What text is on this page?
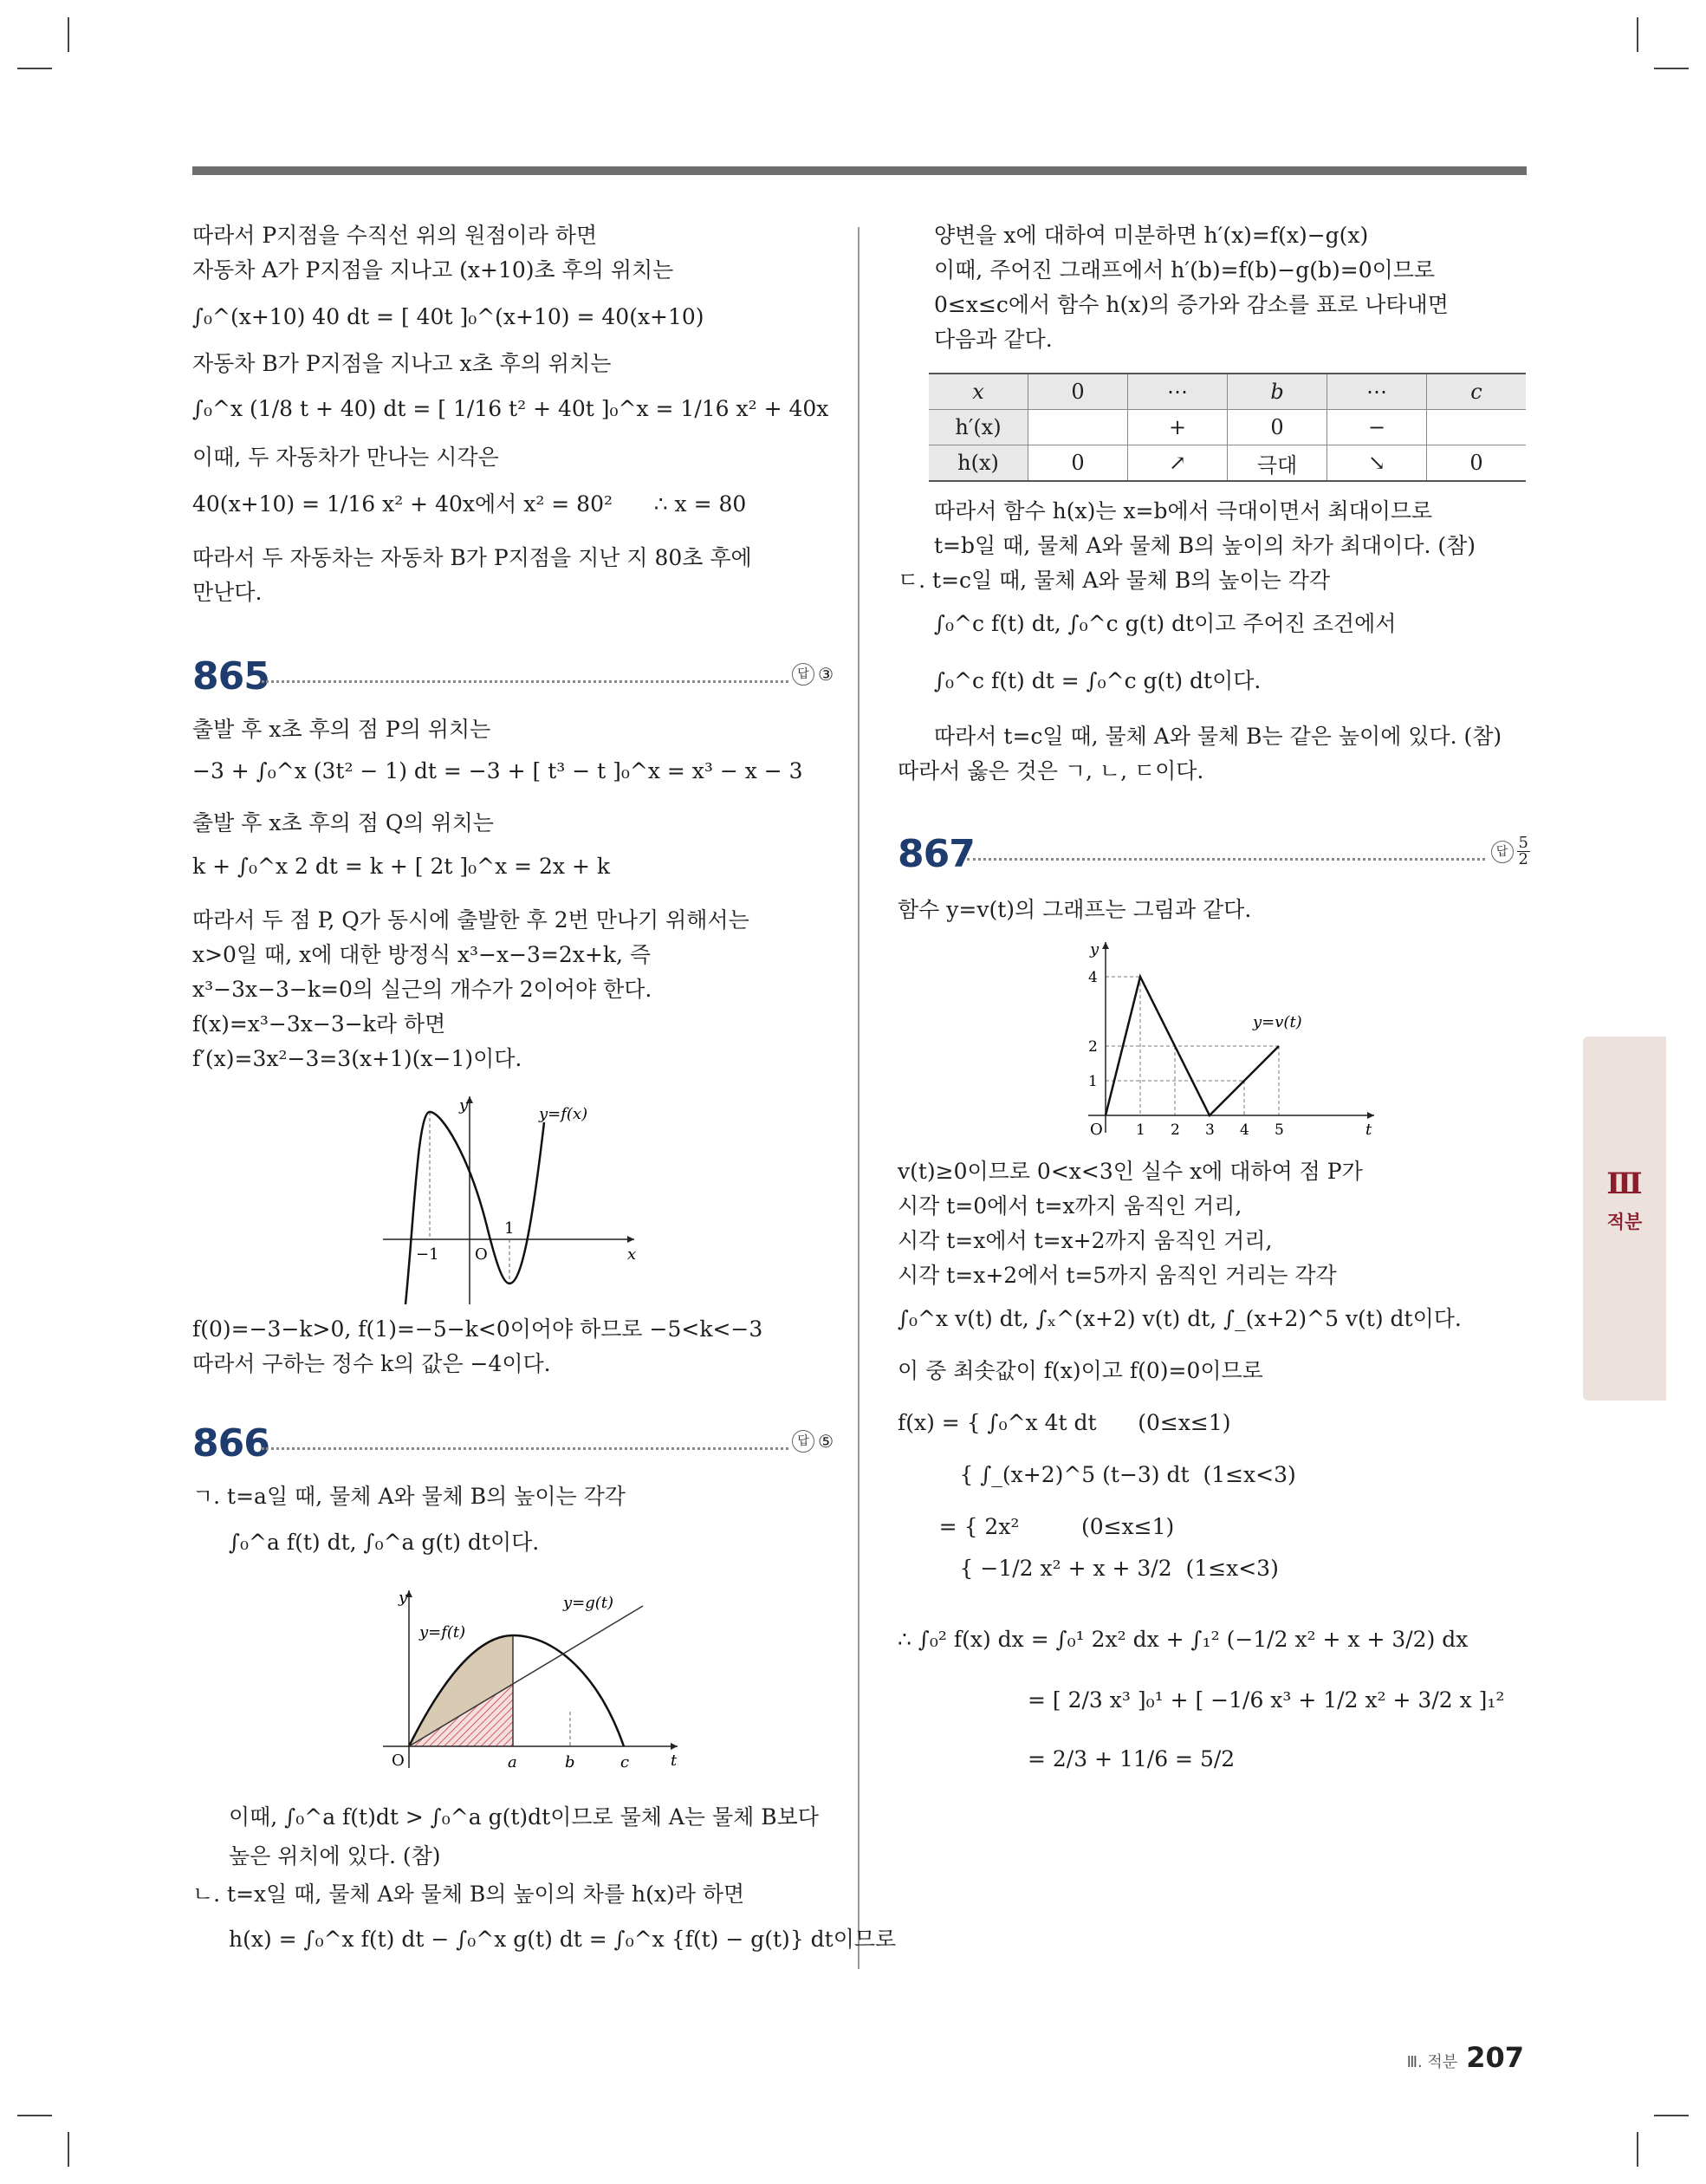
따라서 P지점을 수직선 위의 원점이라 하면
자동차 A가 P지점을 지나고 (x+10)초 후의 위치는
∫₀^(x+10) 40 dt = [ 40t ]₀^(x+10) = 40(x+10)
자동차 B가 P지점을 지나고 x초 후의 위치는
∫₀^x (1/8 t + 40) dt = [ 1/16 t² + 40t ]₀^x = 1/16 x² + 40x
이때, 두 자동차가 만나는 시각은
40(x+10) = 1/16 x² + 40x에서 x² = 80²      ∴ x = 80
따라서 두 자동차는 자동차 B가 P지점을 지난 지 80초 후에
만난다.
865	답 ③
출발 후 x초 후의 점 P의 위치는
−3 + ∫₀^x (3t² − 1) dt = −3 + [ t³ − t ]₀^x = x³ − x − 3
출발 후 x초 후의 점 Q의 위치는
k + ∫₀^x 2 dt = k + [ 2t ]₀^x = 2x + k
따라서 두 점 P, Q가 동시에 출발한 후 2번 만나기 위해서는
x>0일 때, x에 대한 방정식 x³−x−3=2x+k, 즉
x³−3x−3−k=0의 실근의 개수가 2이어야 한다.
f(x)=x³−3x−3−k라 하면
f′(x)=3x²−3=3(x+1)(x−1)이다.
y
x
O
−1
1
y=f(x)
f(0)=−3−k>0, f(1)=−5−k<0이어야 하므로 −5<k<−3
따라서 구하는 정수 k의 값은 −4이다.
866	답 ⑤
ㄱ. t=a일 때, 물체 A와 물체 B의 높이는 각각
∫₀^a f(t) dt, ∫₀^a g(t) dt이다.
y
t
O	a	b	c
y=f(t)
y=g(t)
이때, ∫₀^a f(t)dt > ∫₀^a g(t)dt이므로 물체 A는 물체 B보다
높은 위치에 있다. (참)
ㄴ. t=x일 때, 물체 A와 물체 B의 높이의 차를 h(x)라 하면
h(x) = ∫₀^x f(t) dt − ∫₀^x g(t) dt = ∫₀^x {f(t) − g(t)} dt이므로
양변을 x에 대하여 미분하면 h′(x)=f(x)−g(x)
이때, 주어진 그래프에서 h′(b)=f(b)−g(b)=0이므로
0≤x≤c에서 함수 h(x)의 증가와 감소를 표로 나타내면
다음과 같다.
x	0	⋯	b	⋯	c
h′(x)		+	0	−	
h(x)	0	↗	극대	↘	0
따라서 함수 h(x)는 x=b에서 극대이면서 최대이므로
t=b일 때, 물체 A와 물체 B의 높이의 차가 최대이다. (참)
ㄷ. t=c일 때, 물체 A와 물체 B의 높이는 각각
∫₀^c f(t) dt, ∫₀^c g(t) dt이고 주어진 조건에서
∫₀^c f(t) dt = ∫₀^c g(t) dt이다.
따라서 t=c일 때, 물체 A와 물체 B는 같은 높이에 있다. (참)
따라서 옳은 것은 ㄱ, ㄴ, ㄷ이다.
867	답 $\frac{5}{2}$
함수 y=v(t)의 그래프는 그림과 같다.
y
t
O 1 2 3 4 5
1
2
4
y=v(t)
v(t)≥0이므로 0<x<3인 실수 x에 대하여 점 P가
시각 t=0에서 t=x까지 움직인 거리,
시각 t=x에서 t=x+2까지 움직인 거리,
시각 t=x+2에서 t=5까지 움직인 거리는 각각
∫₀^x v(t) dt, ∫ₓ^(x+2) v(t) dt, ∫_(x+2)^5 v(t) dt이다.
이 중 최솟값이 f(x)이고 f(0)=0이므로
f(x) = { ∫₀^x 4t dt      (0≤x≤1)
{ ∫_(x+2)^5 (t−3) dt  (1≤x<3)
= { 2x²         (0≤x≤1)
{ −1/2 x² + x + 3/2  (1≤x<3)
∴ ∫₀² f(x) dx = ∫₀¹ 2x² dx + ∫₁² (−1/2 x² + x + 3/2) dx
= [ 2/3 x³ ]₀¹ + [ −1/6 x³ + 1/2 x² + 3/2 x ]₁²
= 2/3 + 11/6 = 5/2
Ⅲ
적분
Ⅲ. 적분 207
